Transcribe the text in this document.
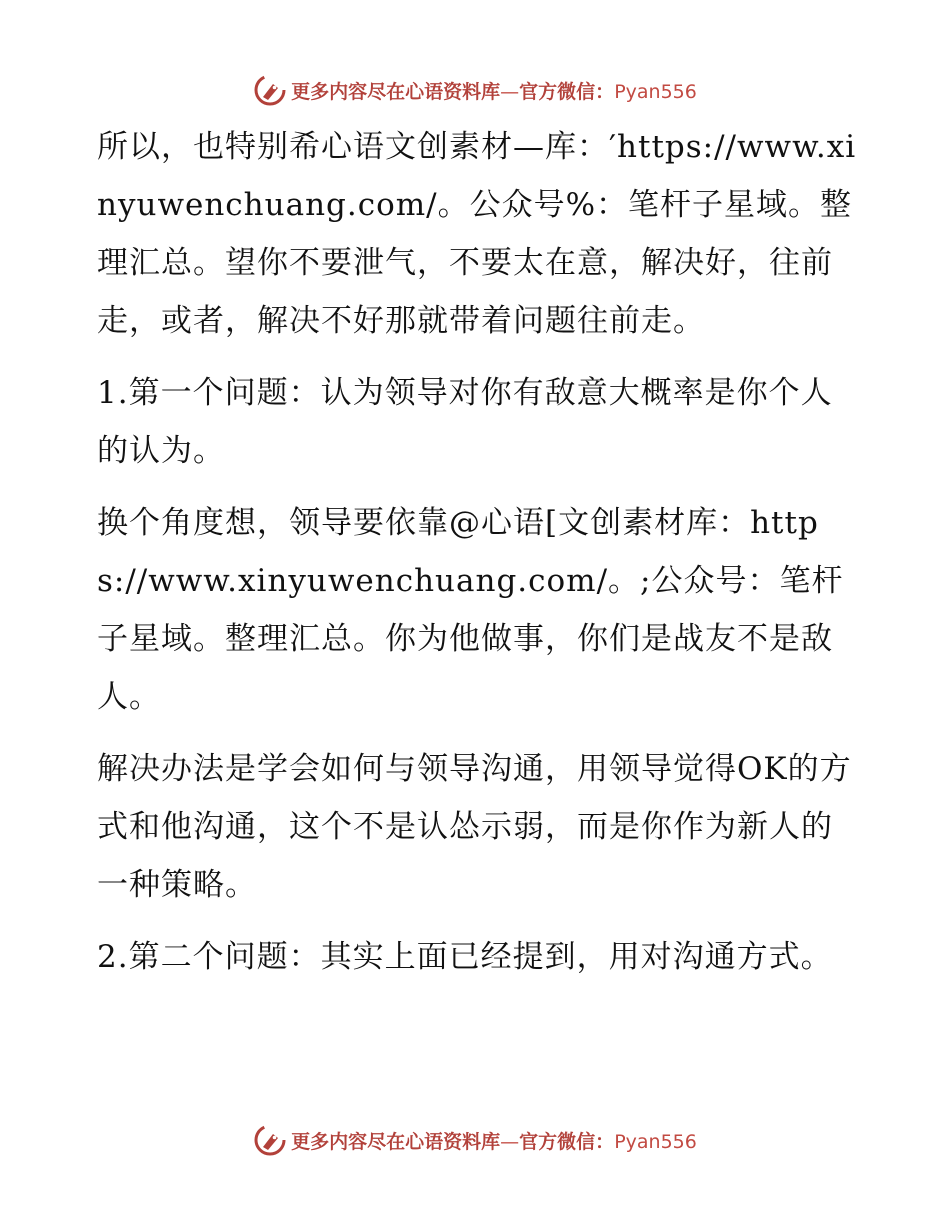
更多内容尽在心语资料库—官方微信：Pyan556

所以，也特别希心语文创素材—库：′https://www.xinyuwenchuang.com/。公众号%：笔杆子星域。整理汇总。望你不要泄气，不要太在意，解决好，往前走，或者，解决不好那就带着问题往前走。

1.第一个问题：认为领导对你有敌意大概率是你个人的认为。

换个角度想，领导要依靠@心语[文创素材库：https://www.xinyuwenchuang.com/。;公众号：笔杆子星域。整理汇总。你为他做事，你们是战友不是敌人。

解决办法是学会如何与领导沟通，用领导觉得OK的方式和他沟通，这个不是认怂示弱，而是你作为新人的一种策略。

2.第二个问题：其实上面已经提到，用对沟通方式。

更多内容尽在心语资料库—官方微信：Pyan556
